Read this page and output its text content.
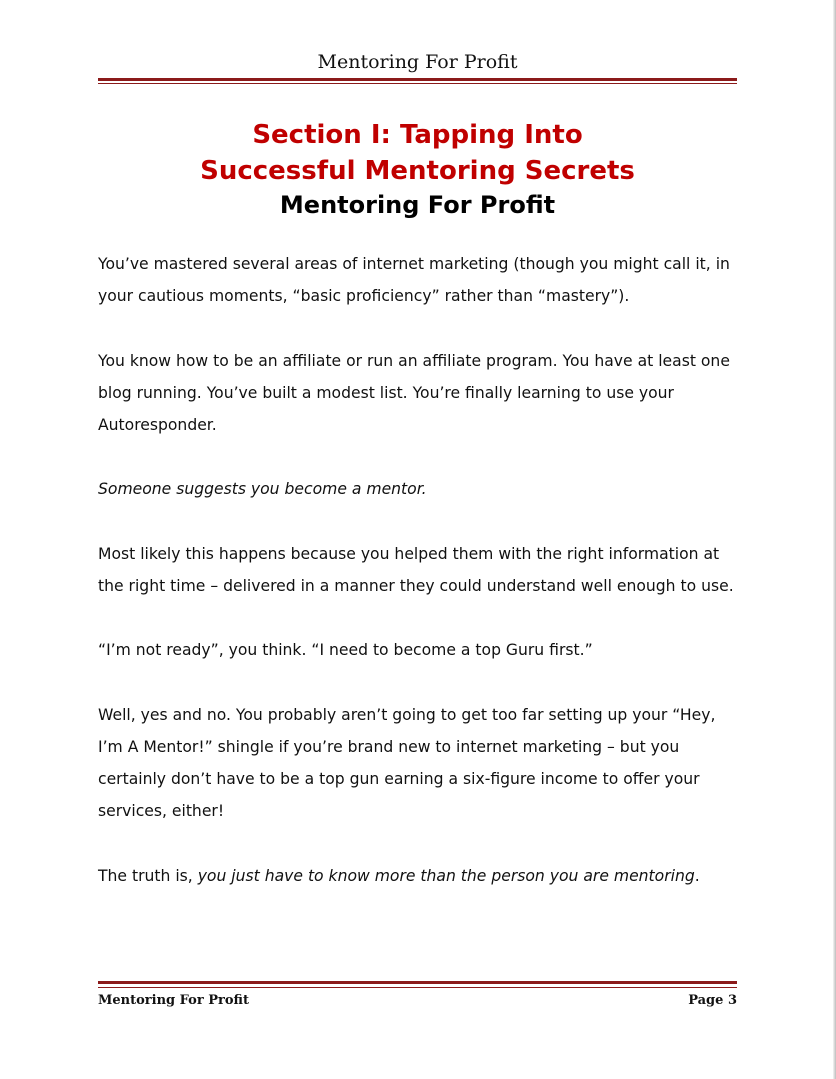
Mentoring For Profit
Section I: Tapping Into
Successful Mentoring Secrets
Mentoring For Profit

You’ve mastered several areas of internet marketing (though you might call it, in your cautious moments, “basic proficiency” rather than “mastery”).

You know how to be an affiliate or run an affiliate program. You have at least one blog running. You’ve built a modest list. You’re finally learning to use your Autoresponder.

Someone suggests you become a mentor.

Most likely this happens because you helped them with the right information at the right time – delivered in a manner they could understand well enough to use.

“I’m not ready”, you think. “I need to become a top Guru first.”

Well, yes and no. You probably aren’t going to get too far setting up your “Hey, I’m A Mentor!” shingle if you’re brand new to internet marketing – but you certainly don’t have to be a top gun earning a six-figure income to offer your services, either!

The truth is, you just have to know more than the person you are mentoring.

Mentoring For Profit	Page 3
